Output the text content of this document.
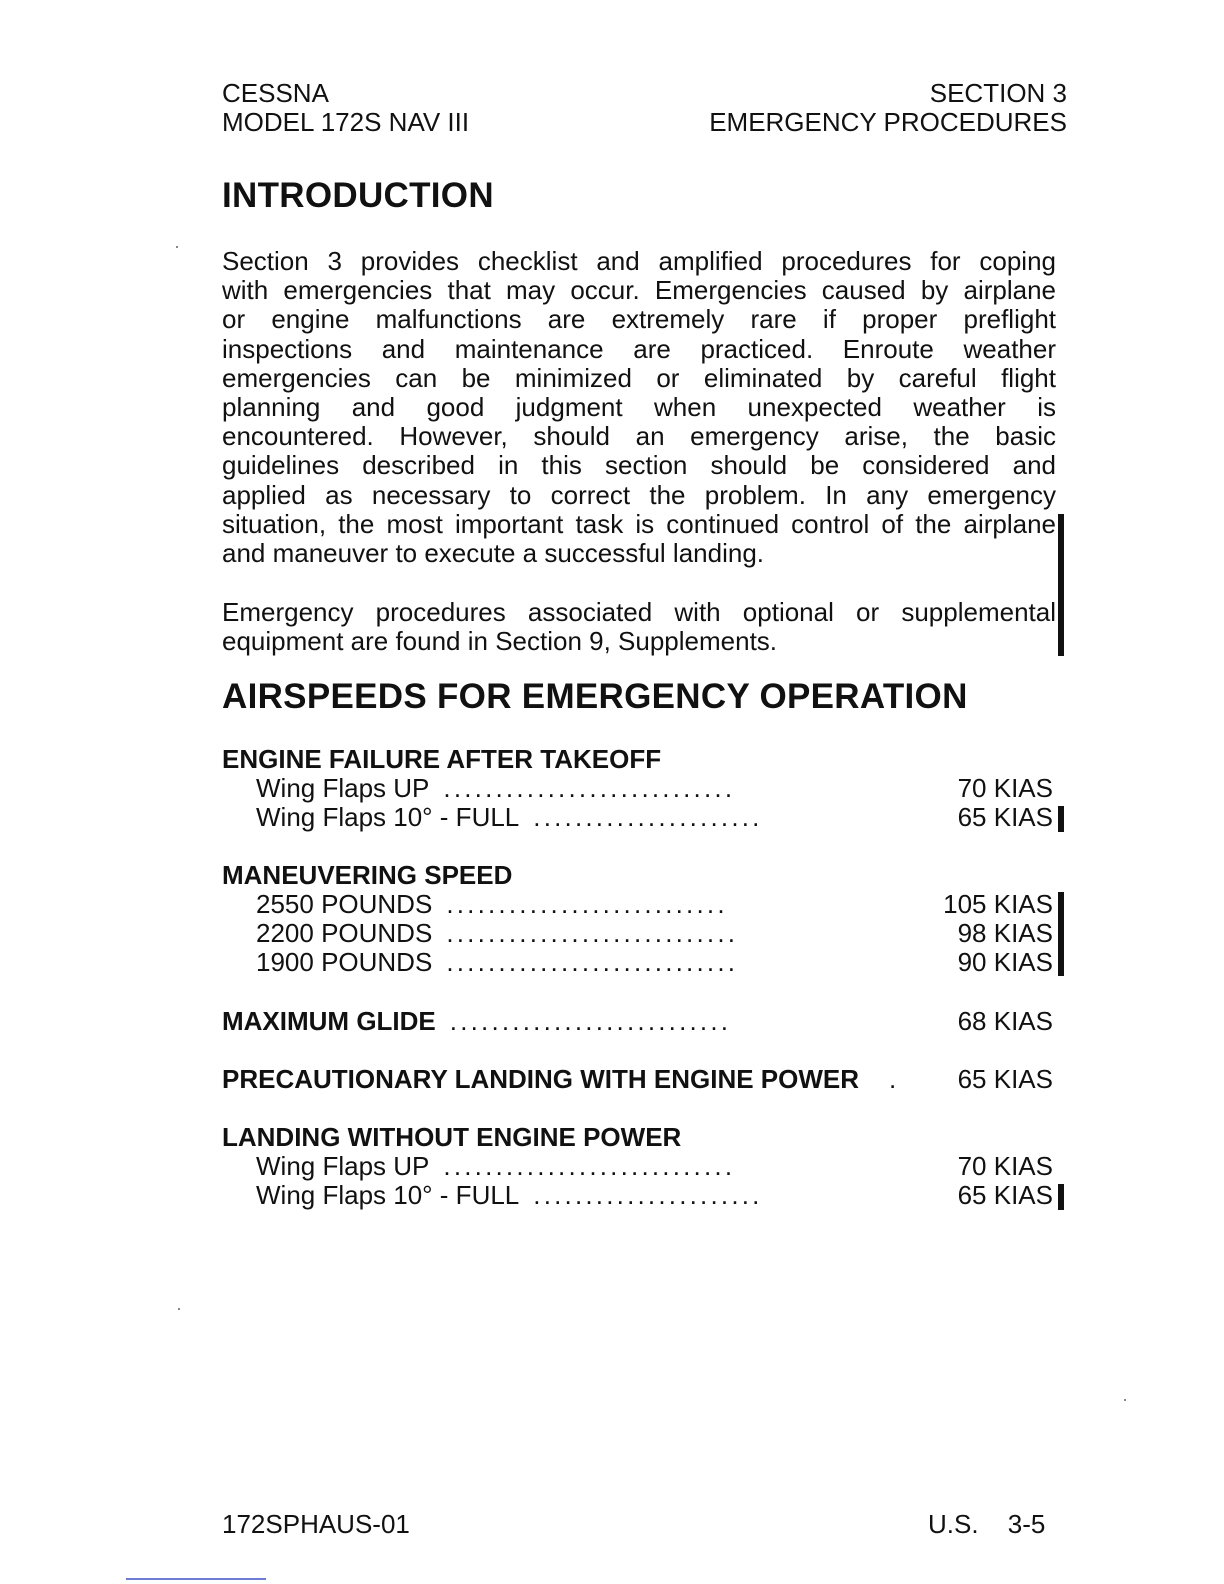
CESSNA
MODEL 172S NAV III
SECTION 3
EMERGENCY PROCEDURES
INTRODUCTION
Section 3 provides checklist and amplified procedures for coping
with emergencies that may occur. Emergencies caused by airplane
or engine malfunctions are extremely rare if proper preflight
inspections and maintenance are practiced. Enroute weather
emergencies can be minimized or eliminated by careful flight
planning and good judgment when unexpected weather is
encountered. However, should an emergency arise, the basic
guidelines described in this section should be considered and
applied as necessary to correct the problem. In any emergency
situation, the most important task is continued control of the airplane
and maneuver to execute a successful landing.
Emergency procedures associated with optional or supplemental
equipment are found in Section 9, Supplements.
AIRSPEEDS FOR EMERGENCY OPERATION
ENGINE FAILURE AFTER TAKEOFF
Wing Flaps UP ............................	70 KIAS
Wing Flaps 10° - FULL ......................	65 KIAS
MANEUVERING SPEED
2550 POUNDS ...........................	105 KIAS
2200 POUNDS ............................	98 KIAS
1900 POUNDS ............................	90 KIAS
MAXIMUM GLIDE ...........................	68 KIAS
PRECAUTIONARY LANDING WITH ENGINE POWER . 65 KIAS
LANDING WITHOUT ENGINE POWER
Wing Flaps UP ............................	70 KIAS
Wing Flaps 10° - FULL ......................	65 KIAS
172SPHAUS-01	U.S. 3-5
